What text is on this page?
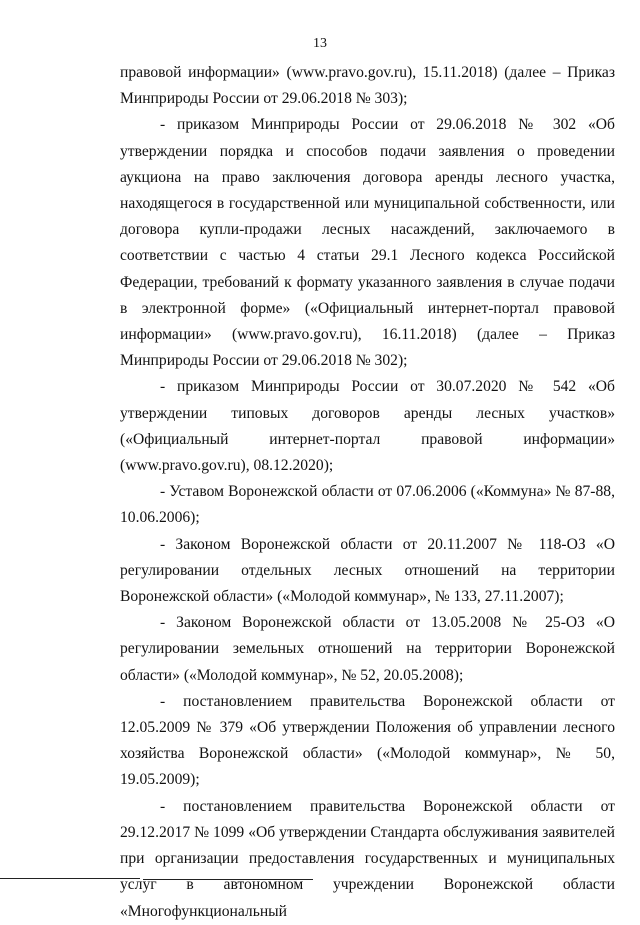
13

правовой информации» (www.pravo.gov.ru), 15.11.2018) (далее – Приказ Минприроды России от 29.06.2018 № 303);

- приказом Минприроды России от 29.06.2018 № 302 «Об утверждении порядка и способов подачи заявления о проведении аукциона на право заключения договора аренды лесного участка, находящегося в государственной или муниципальной собственности, или договора купли-продажи лесных насаждений, заключаемого в соответствии с частью 4 статьи 29.1 Лесного кодекса Российской Федерации, требований к формату указанного заявления в случае подачи в электронной форме» («Официальный интернет-портал правовой информации» (www.pravo.gov.ru), 16.11.2018) (далее – Приказ Минприроды России от 29.06.2018 № 302);

- приказом Минприроды России от 30.07.2020 № 542 «Об утверждении типовых договоров аренды лесных участков» («Официальный интернет-портал правовой информации» (www.pravo.gov.ru), 08.12.2020);

- Уставом Воронежской области от 07.06.2006 («Коммуна» № 87-88, 10.06.2006);

- Законом Воронежской области от 20.11.2007 № 118-ОЗ «О регулировании отдельных лесных отношений на территории Воронежской области» («Молодой коммунар», № 133, 27.11.2007);

- Законом Воронежской области от 13.05.2008 № 25-ОЗ «О регулировании земельных отношений на территории Воронежской области» («Молодой коммунар», № 52, 20.05.2008);

- постановлением правительства Воронежской области от 12.05.2009 № 379 «Об утверждении Положения об управлении лесного хозяйства Воронежской области» («Молодой коммунар», № 50, 19.05.2009);

- постановлением правительства Воронежской области от 29.12.2017 № 1099 «Об утверждении Стандарта обслуживания заявителей при организации предоставления государственных и муниципальных услуг в автономном учреждении Воронежской области «Многофункциональный
